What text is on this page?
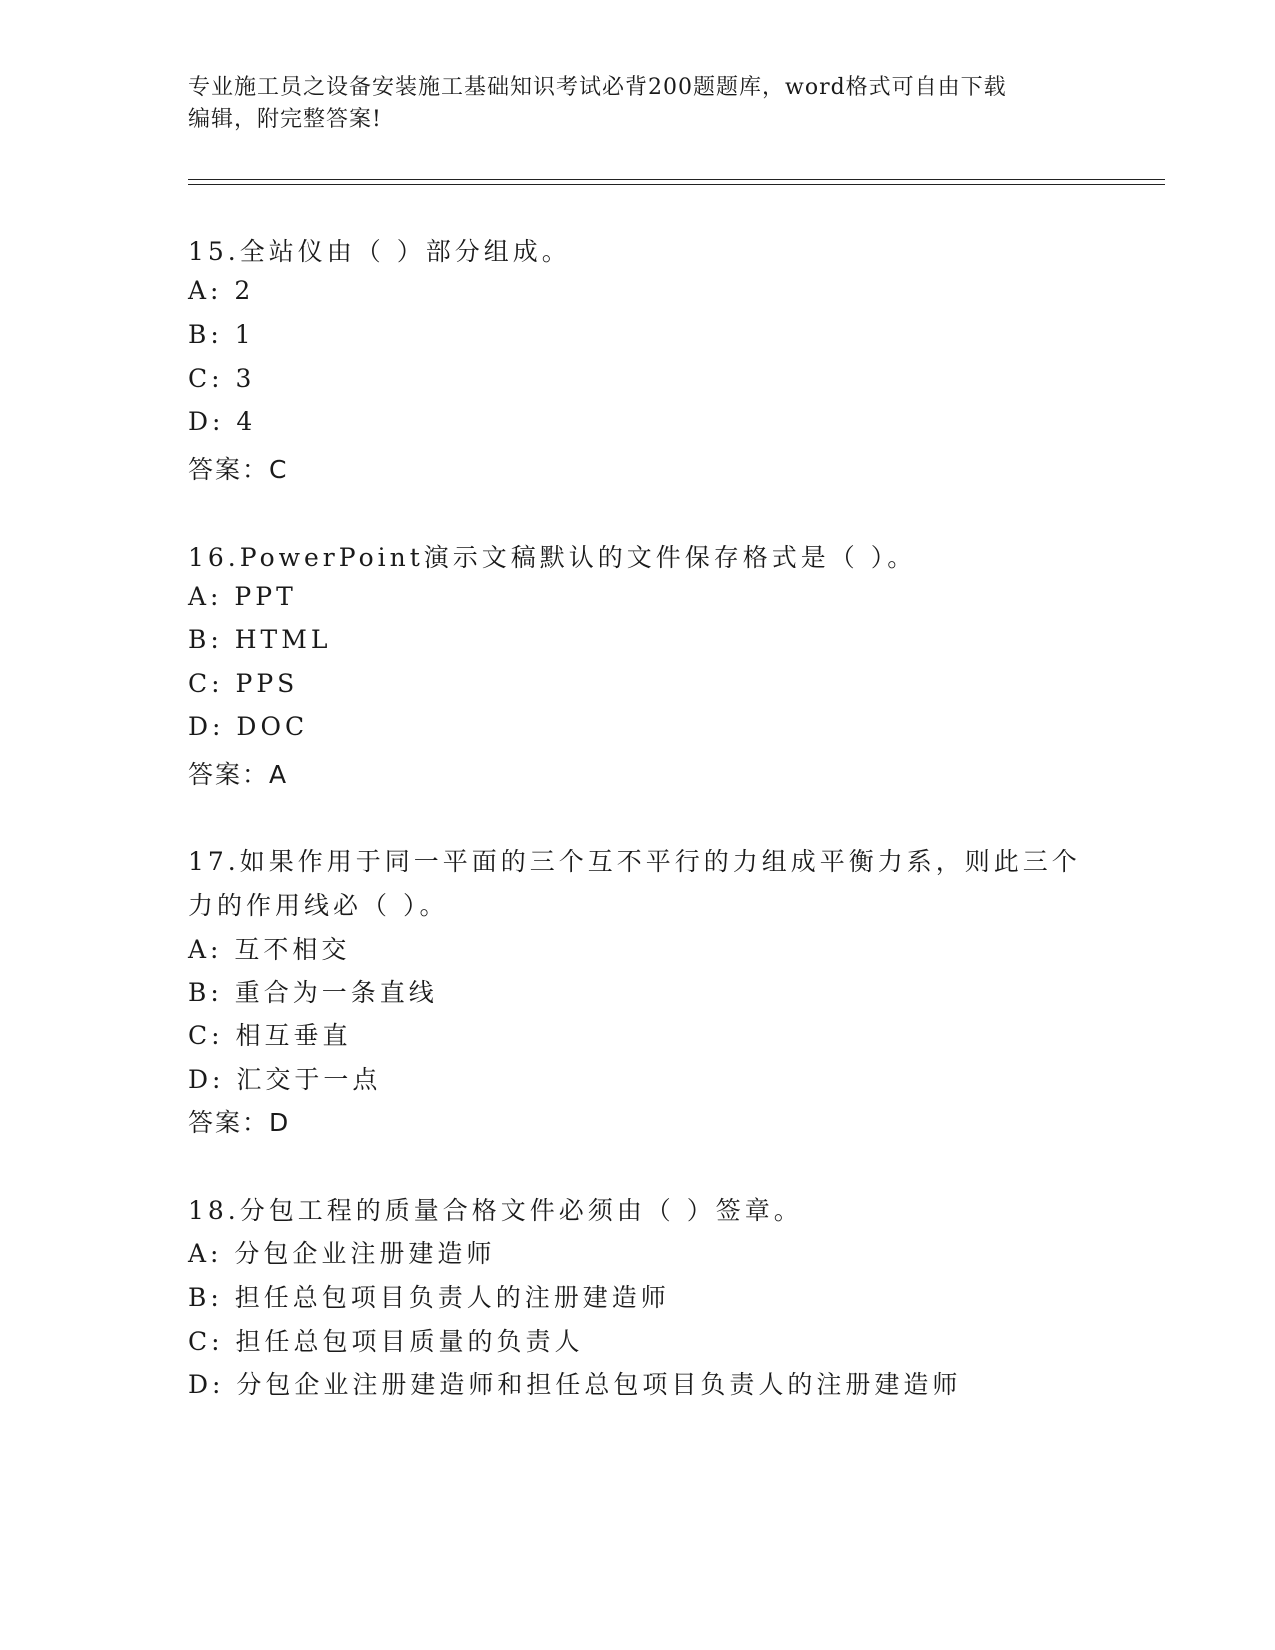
专业施工员之设备安装施工基础知识考试必背200题题库，word格式可自由下载
编辑，附完整答案!
15.全站仪由（ ）部分组成。
A: 2
B: 1
C: 3
D: 4
答案：C
16.PowerPoint演示文稿默认的文件保存格式是（ ）。
A: PPT
B: HTML
C: PPS
D: DOC
答案：A
17.如果作用于同一平面的三个互不平行的力组成平衡力系，则此三个
力的作用线必（ ）。
A: 互不相交
B: 重合为一条直线
C: 相互垂直
D: 汇交于一点
答案：D
18.分包工程的质量合格文件必须由（ ）签章。
A: 分包企业注册建造师
B: 担任总包项目负责人的注册建造师
C: 担任总包项目质量的负责人
D: 分包企业注册建造师和担任总包项目负责人的注册建造师
